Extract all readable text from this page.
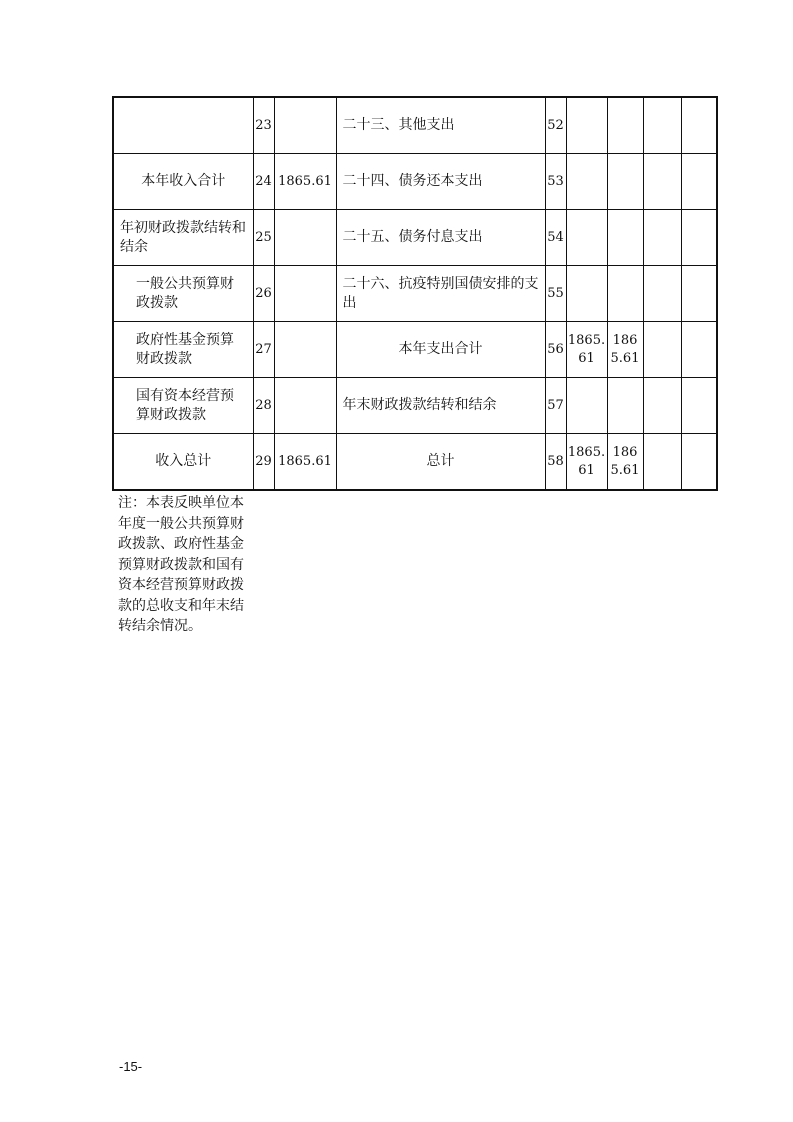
	23		二十三、其他支出	52				
本年收入合计	24	1865.61	二十四、债务还本支出	53				
年初财政拨款结转和结余	25		二十五、债务付息支出	54				
一般公共预算财政拨款	26		二十六、抗疫特别国债安排的支出	55				
政府性基金预算财政拨款	27		本年支出合计	56	1865.61	1865.61		
国有资本经营预算财政拨款	28		年末财政拨款结转和结余	57				
收入总计	29	1865.61	总计	58	1865.61	1865.61		
注：本表反映单位本年度一般公共预算财政拨款、政府性基金预算财政拨款和国有资本经营预算财政拨款的总收支和年末结转结余情况。
-15-
